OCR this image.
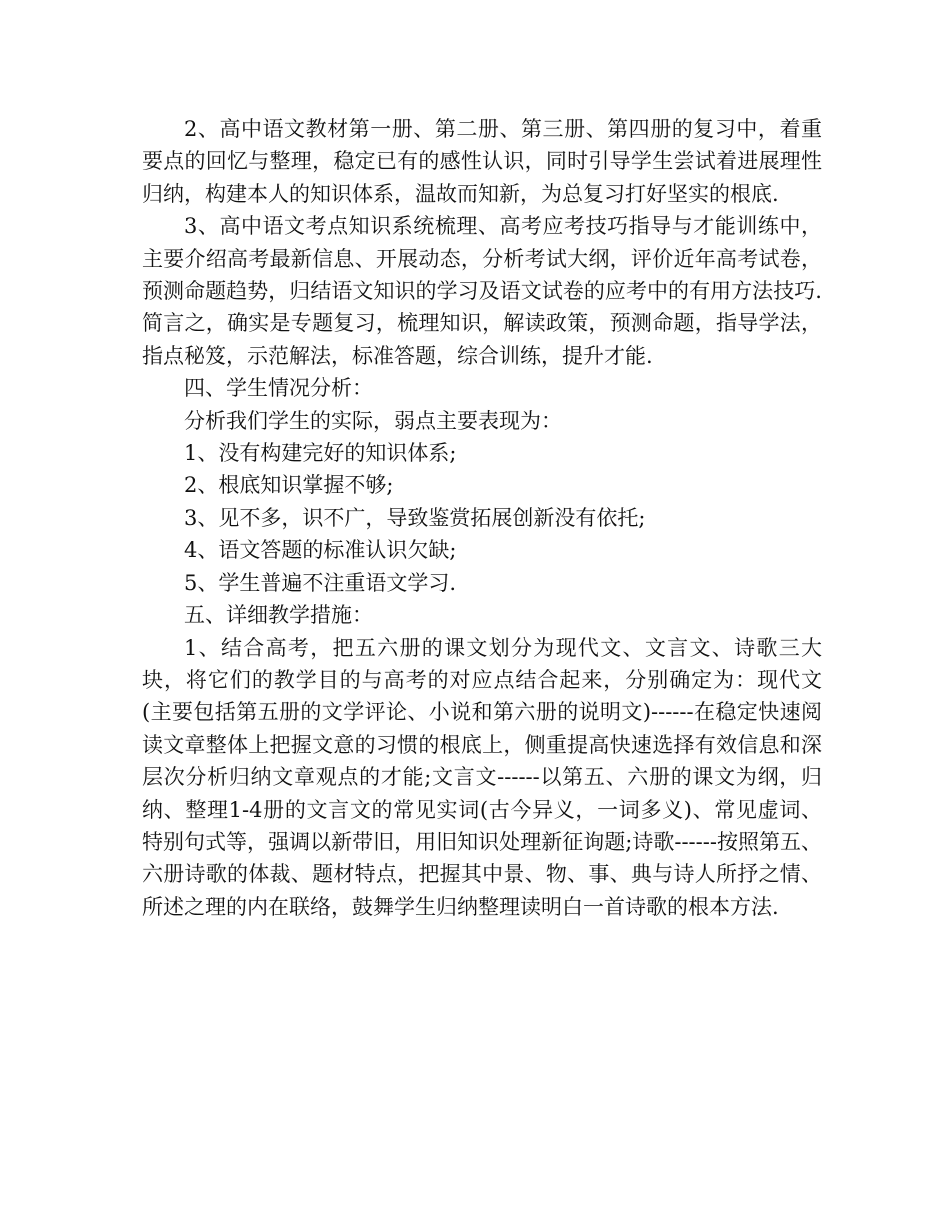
2、高中语文教材第一册、第二册、第三册、第四册的复习中，着重要点的回忆与整理，稳定已有的感性认识，同时引导学生尝试着进展理性归纳，构建本人的知识体系，温故而知新，为总复习打好坚实的根底.

3、高中语文考点知识系统梳理、高考应考技巧指导与才能训练中，主要介绍高考最新信息、开展动态，分析考试大纲，评价近年高考试卷，预测命题趋势，归结语文知识的学习及语文试卷的应考中的有用方法技巧.简言之，确实是专题复习，梳理知识，解读政策，预测命题，指导学法，指点秘笈，示范解法，标准答题，综合训练，提升才能.

四、学生情况分析：

分析我们学生的实际，弱点主要表现为：

1、没有构建完好的知识体系;

2、根底知识掌握不够;

3、见不多，识不广，导致鉴赏拓展创新没有依托;

4、语文答题的标准认识欠缺;

5、学生普遍不注重语文学习.

五、详细教学措施：

1、结合高考，把五六册的课文划分为现代文、文言文、诗歌三大块，将它们的教学目的与高考的对应点结合起来，分别确定为：现代文(主要包括第五册的文学评论、小说和第六册的说明文)------在稳定快速阅读文章整体上把握文意的习惯的根底上，侧重提高快速选择有效信息和深层次分析归纳文章观点的才能;文言文------以第五、六册的课文为纲，归纳、整理1-4册的文言文的常见实词(古今异义，一词多义)、常见虚词、特别句式等，强调以新带旧，用旧知识处理新征询题;诗歌------按照第五、六册诗歌的体裁、题材特点，把握其中景、物、事、典与诗人所抒之情、所述之理的内在联络，鼓舞学生归纳整理读明白一首诗歌的根本方法.
